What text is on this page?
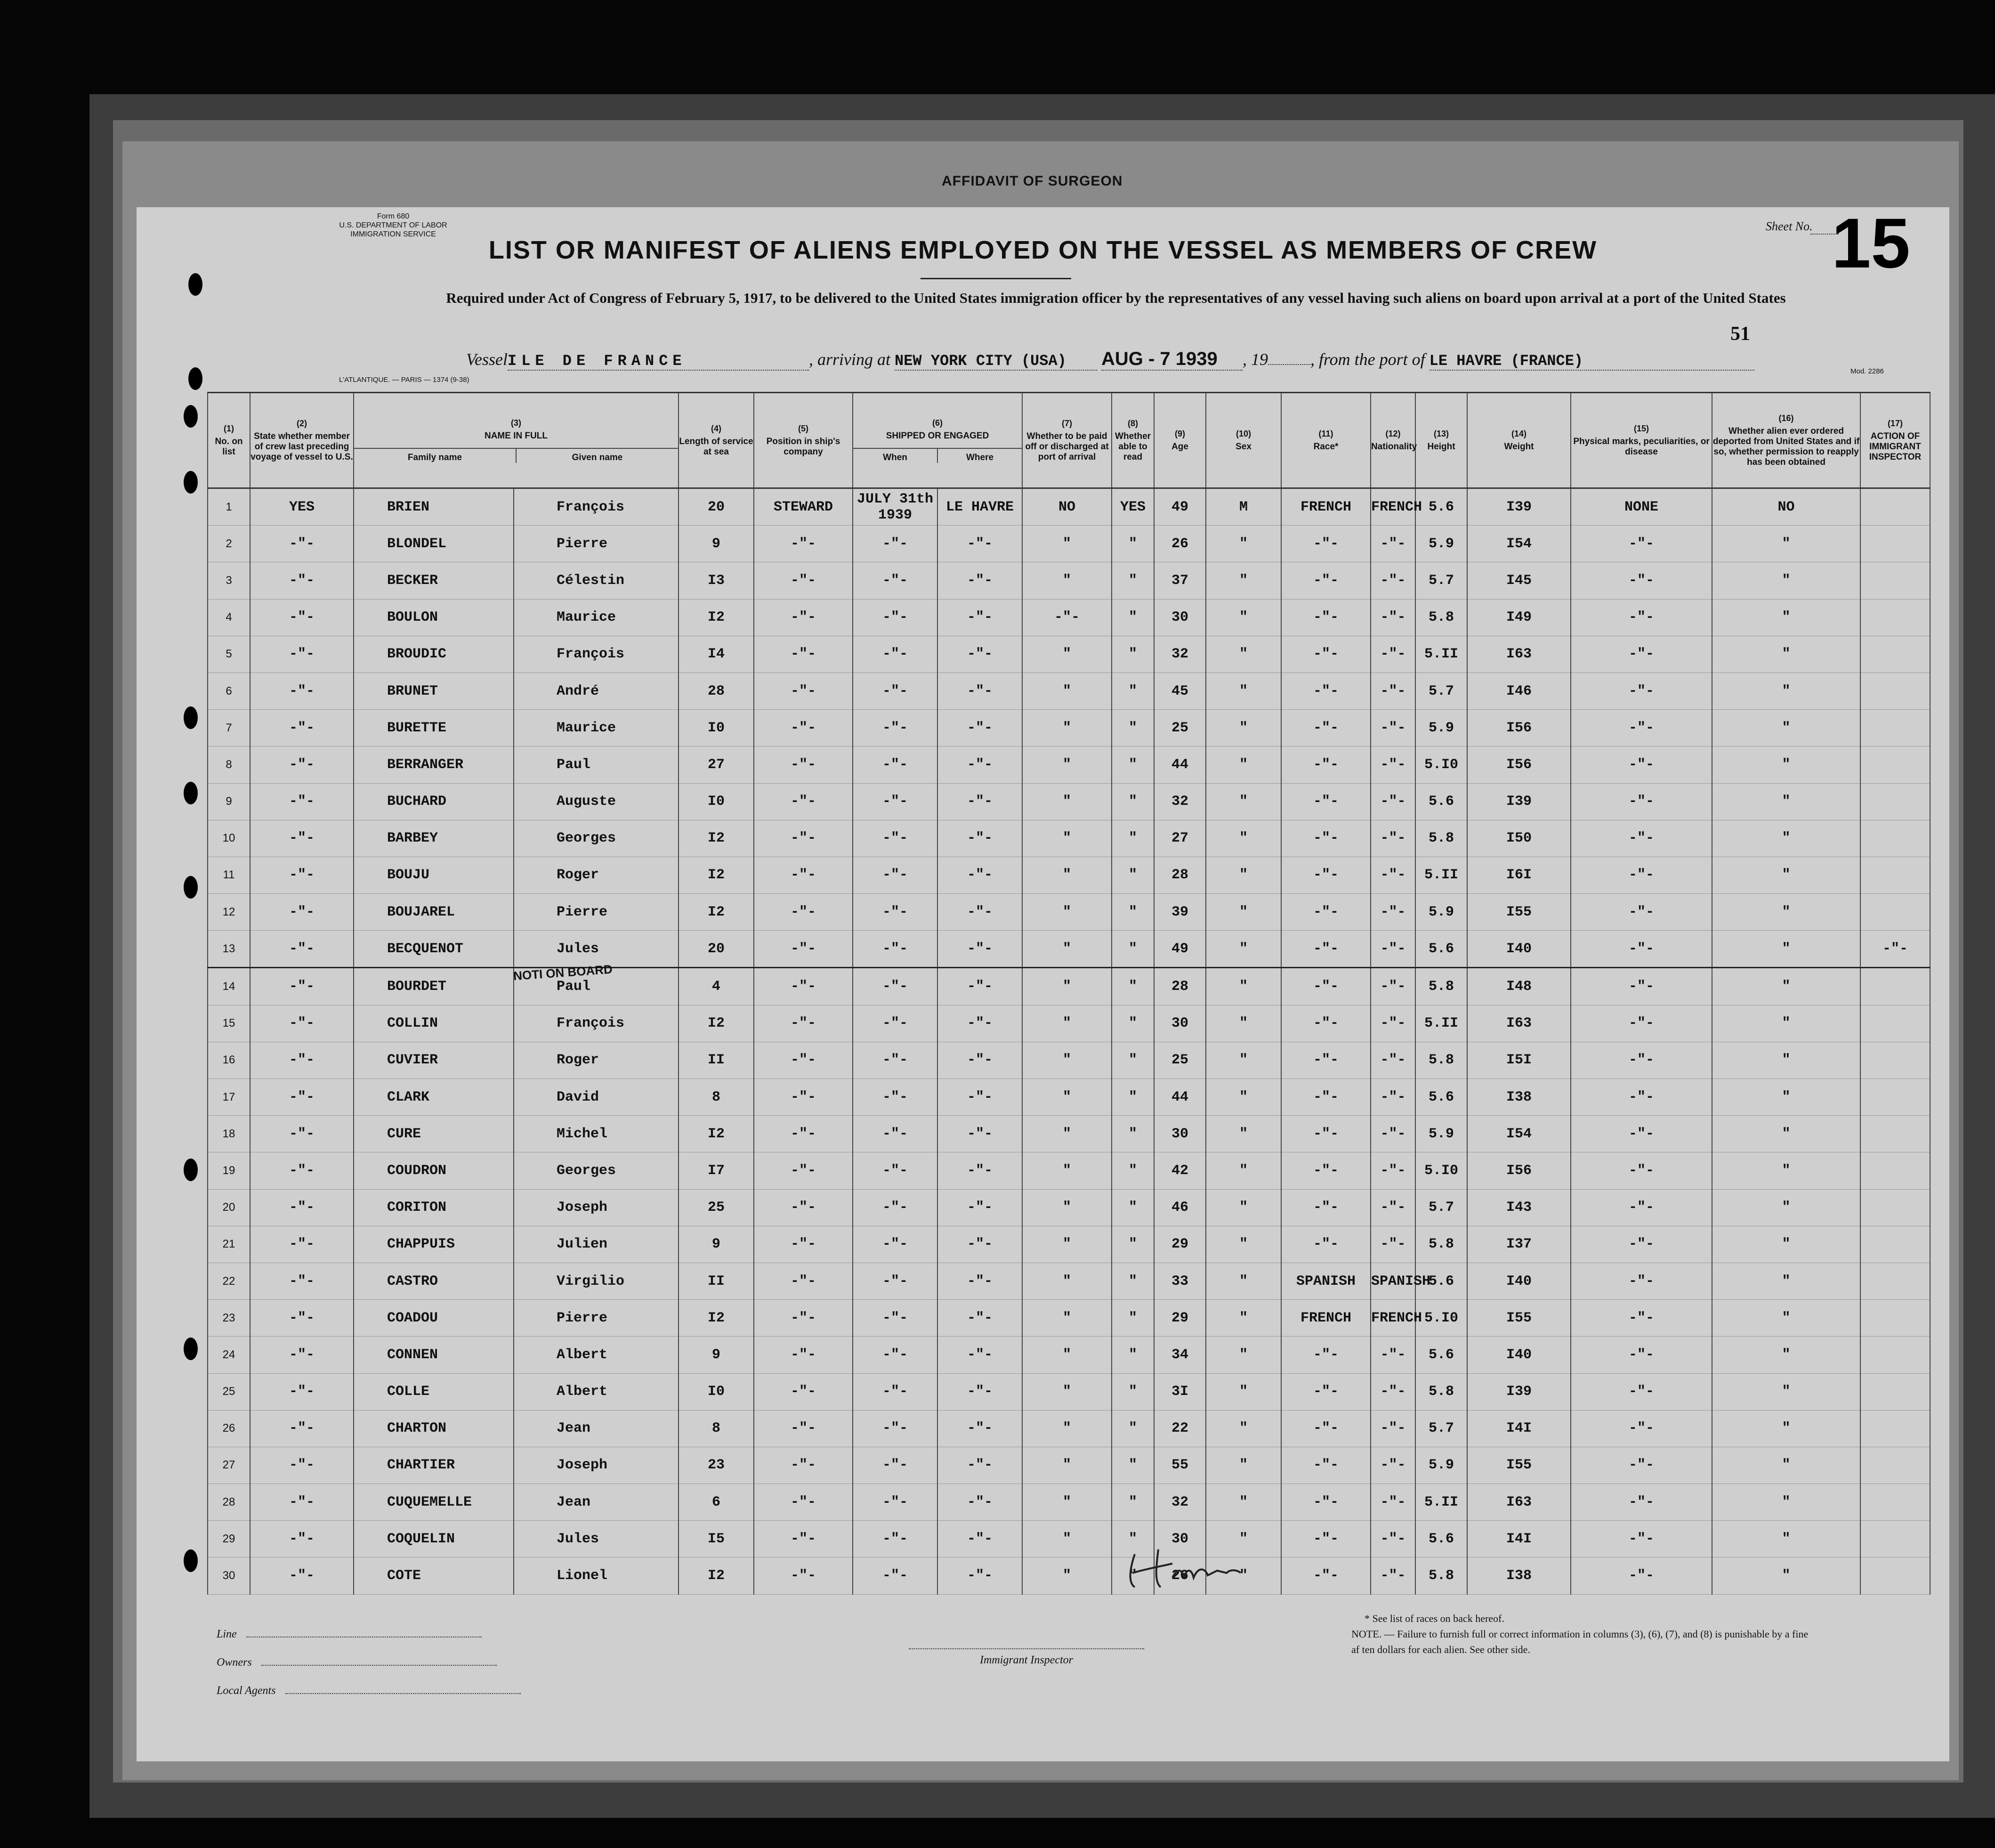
AFFIDAVIT OF SURGEON
Form 680
U.S. DEPARTMENT OF LABOR
IMMIGRATION SERVICE
LIST OR MANIFEST OF ALIENS EMPLOYED ON THE VESSEL AS MEMBERS OF CREW
Sheet No. 15
Required under Act of Congress of February 5, 1917, to be delivered to the United States immigration officer by the representatives of any vessel having such aliens on board upon arrival at a port of the United States
51
VesselILE DE FRANCE	, arriving at NEW YORK CITY (USA) AUG - 7 1939 , 19	, from the port of LE HAVRE (FRANCE)
L'ATLANTIQUE. — PARIS — 1374 (9-38)
Mod. 2286
(1)
No. on list	(2)
State whether member of crew last preceding voyage of vessel to U.S.	(3)
NAME IN FULL
Family name Given name		(4)
Length of service at sea	(5)
Position in ship's company	(6)
SHIPPED OR ENGAGED
When Where		(7)
Whether to be paid off or discharged at port of arrival	(8)
Whether able to read	(9)
Age	(10)
Sex	(11)
Race*	(12)
Nationality	(13)
Height	(14)
Weight	(15)
Physical marks, peculiarities, or disease	(16)
Whether alien ever ordered deported from United States and if so, whether permission to reapply has been obtained	(17)
ACTION OF IMMIGRANT INSPECTOR
1	YES	BRIEN	François	20	STEWARD	JULY 31th 1939	LE HAVRE	NO	YES	49	M	FRENCH	FRENCH	5.6	I39	NONE	NO	
2	-"-	BLONDEL	Pierre	9	-"-	-"-	-"-	"	"	26	"	-"-	-"-	5.9	I54	-"-	"	
3	-"-	BECKER	Célestin	I3	-"-	-"-	-"-	"	"	37	"	-"-	-"-	5.7	I45	-"-	"	
4	-"-	BOULON	Maurice	I2	-"-	-"-	-"-	-"-	"	30	"	-"-	-"-	5.8	I49	-"-	"	
5	-"-	BROUDIC	François	I4	-"-	-"-	-"-	"	"	32	"	-"-	-"-	5.II	I63	-"-	"	
6	-"-	BRUNET	André	28	-"-	-"-	-"-	"	"	45	"	-"-	-"-	5.7	I46	-"-	"	
7	-"-	BURETTE	Maurice	I0	-"-	-"-	-"-	"	"	25	"	-"-	-"-	5.9	I56	-"-	"	
8	-"-	BERRANGER	Paul	27	-"-	-"-	-"-	"	"	44	"	-"-	-"-	5.I0	I56	-"-	"	
9	-"-	BUCHARD	Auguste	I0	-"-	-"-	-"-	"	"	32	"	-"-	-"-	5.6	I39	-"-	"	
10	-"-	BARBEY	Georges	I2	-"-	-"-	-"-	"	"	27	"	-"-	-"-	5.8	I50	-"-	"	
11	-"-	BOUJU	Roger	I2	-"-	-"-	-"-	"	"	28	"	-"-	-"-	5.II	I6I	-"-	"	
12	-"-	BOUJAREL	Pierre	I2	-"-	-"-	-"-	"	"	39	"	-"-	-"-	5.9	I55	-"-	"	
13	-"-	BECQUENOT	Jules	20	-"-	-"-	-"-	"	"	49	"	-"-	-"-	5.6	I40	-"-	"	-"-
14	-"-	BOURDET	Paul	4	-"-	-"-	-"-	"	"	28	"	-"-	-"-	5.8	I48	-"-	"	
15	-"-	COLLIN	François	I2	-"-	-"-	-"-	"	"	30	"	-"-	-"-	5.II	I63	-"-	"	
16	-"-	CUVIER	Roger	II	-"-	-"-	-"-	"	"	25	"	-"-	-"-	5.8	I5I	-"-	"	
17	-"-	CLARK	David	8	-"-	-"-	-"-	"	"	44	"	-"-	-"-	5.6	I38	-"-	"	
18	-"-	CURE	Michel	I2	-"-	-"-	-"-	"	"	30	"	-"-	-"-	5.9	I54	-"-	"	
19	-"-	COUDRON	Georges	I7	-"-	-"-	-"-	"	"	42	"	-"-	-"-	5.I0	I56	-"-	"	
20	-"-	CORITON	Joseph	25	-"-	-"-	-"-	"	"	46	"	-"-	-"-	5.7	I43	-"-	"	
21	-"-	CHAPPUIS	Julien	9	-"-	-"-	-"-	"	"	29	"	-"-	-"-	5.8	I37	-"-	"	
22	-"-	CASTRO	Virgilio	II	-"-	-"-	-"-	"	"	33	"	SPANISH	SPANISH	5.6	I40	-"-	"	
23	-"-	COADOU	Pierre	I2	-"-	-"-	-"-	"	"	29	"	FRENCH	FRENCH	5.I0	I55	-"-	"	
24	-"-	CONNEN	Albert	9	-"-	-"-	-"-	"	"	34	"	-"-	-"-	5.6	I40	-"-	"	
25	-"-	COLLE	Albert	I0	-"-	-"-	-"-	"	"	3I	"	-"-	-"-	5.8	I39	-"-	"	
26	-"-	CHARTON	Jean	8	-"-	-"-	-"-	"	"	22	"	-"-	-"-	5.7	I4I	-"-	"	
27	-"-	CHARTIER	Joseph	23	-"-	-"-	-"-	"	"	55	"	-"-	-"-	5.9	I55	-"-	"	
28	-"-	CUQUEMELLE	Jean	6	-"-	-"-	-"-	"	"	32	"	-"-	-"-	5.II	I63	-"-	"	
29	-"-	COQUELIN	Jules	I5	-"-	-"-	-"-	"	"	30	"	-"-	-"-	5.6	I4I	-"-	"	
30	-"-	COTE	Lionel	I2	-"-	-"-	-"-	"	"	26	"	-"-	-"-	5.8	I38	-"-	"	
NOTI ON BOARD
Line
Owners
Local Agents
Immigrant Inspector
* See list of races on back hereof.
NOTE. — Failure to furnish full or correct information in columns (3), (6), (7), and (8) is punishable by a fine af ten dollars for each alien. See other side.
